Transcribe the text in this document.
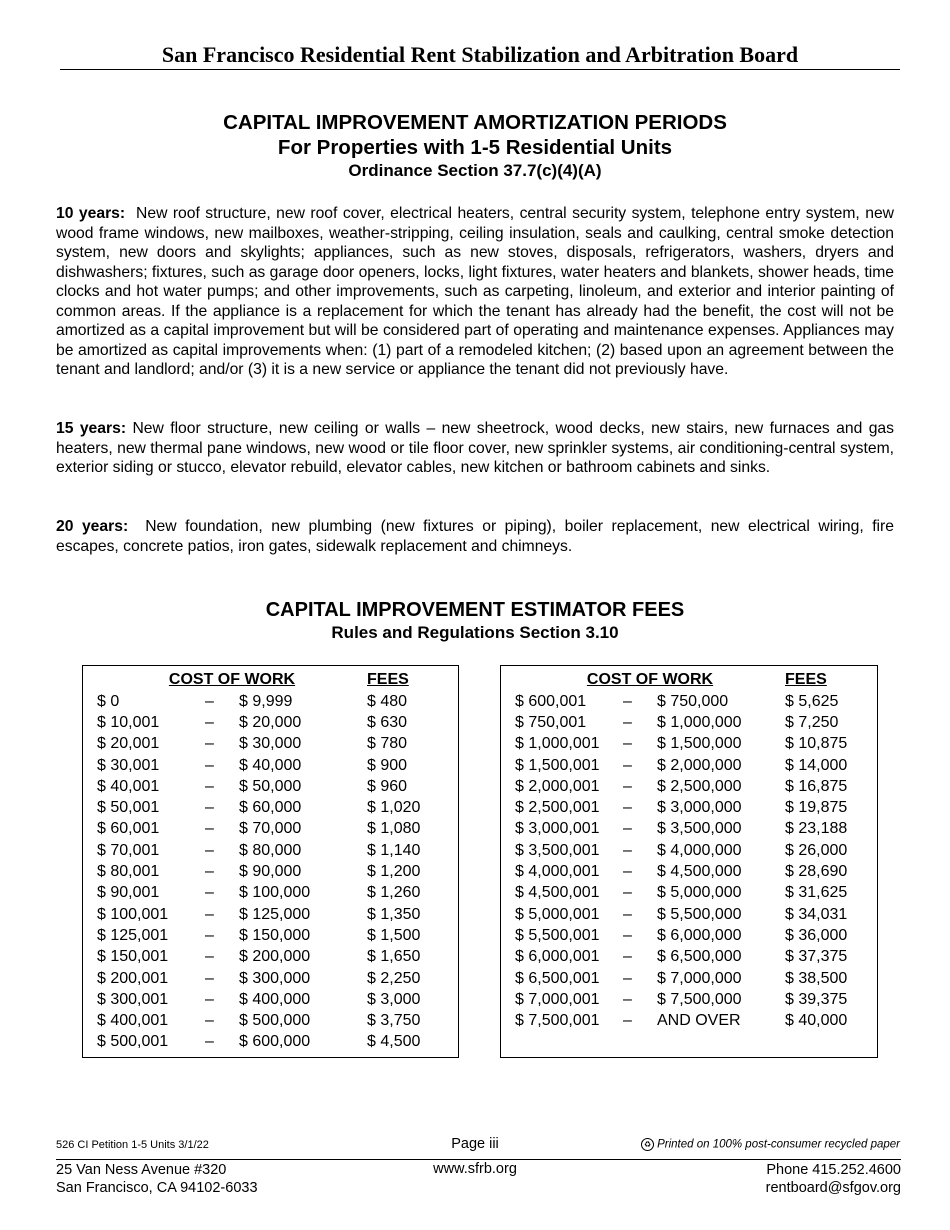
San Francisco Residential Rent Stabilization and Arbitration Board
CAPITAL IMPROVEMENT AMORTIZATION PERIODS
For Properties with 1-5 Residential Units
Ordinance Section 37.7(c)(4)(A)

10 years: New roof structure, new roof cover, electrical heaters, central security system, telephone entry system, new wood frame windows, new mailboxes, weather-stripping, ceiling insulation, seals and caulking, central smoke detection system, new doors and skylights; appliances, such as new stoves, disposals, refrigerators, washers, dryers and dishwashers; fixtures, such as garage door openers, locks, light fixtures, water heaters and blankets, shower heads, time clocks and hot water pumps; and other improvements, such as carpeting, linoleum, and exterior and interior painting of common areas. If the appliance is a replacement for which the tenant has already had the benefit, the cost will not be amortized as a capital improvement but will be considered part of operating and maintenance expenses. Appliances may be amortized as capital improvements when: (1) part of a remodeled kitchen; (2) based upon an agreement between the tenant and landlord; and/or (3) it is a new service or appliance the tenant did not previously have.

15 years: New floor structure, new ceiling or walls – new sheetrock, wood decks, new stairs, new furnaces and gas heaters, new thermal pane windows, new wood or tile floor cover, new sprinkler systems, air conditioning-central system, exterior siding or stucco, elevator rebuild, elevator cables, new kitchen or bathroom cabinets and sinks.

20 years: New foundation, new plumbing (new fixtures or piping), boiler replacement, new electrical wiring, fire escapes, concrete patios, iron gates, sidewalk replacement and chimneys.

CAPITAL IMPROVEMENT ESTIMATOR FEES
Rules and Regulations Section 3.10
COST OF WORK			FEES
$ 0	–	$ 9,999	$ 480
$ 10,001	–	$ 20,000	$ 630
$ 20,001	–	$ 30,000	$ 780
$ 30,001	–	$ 40,000	$ 900
$ 40,001	–	$ 50,000	$ 960
$ 50,001	–	$ 60,000	$ 1,020
$ 60,001	–	$ 70,000	$ 1,080
$ 70,001	–	$ 80,000	$ 1,140
$ 80,001	–	$ 90,000	$ 1,200
$ 90,001	–	$ 100,000	$ 1,260
$ 100,001	–	$ 125,000	$ 1,350
$ 125,001	–	$ 150,000	$ 1,500
$ 150,001	–	$ 200,000	$ 1,650
$ 200,001	–	$ 300,000	$ 2,250
$ 300,001	–	$ 400,000	$ 3,000
$ 400,001	–	$ 500,000	$ 3,750
$ 500,001	–	$ 600,000	$ 4,500
COST OF WORK			FEES
$ 600,001	–	$ 750,000	$ 5,625
$ 750,001	–	$ 1,000,000	$ 7,250
$ 1,000,001	–	$ 1,500,000	$ 10,875
$ 1,500,001	–	$ 2,000,000	$ 14,000
$ 2,000,001	–	$ 2,500,000	$ 16,875
$ 2,500,001	–	$ 3,000,000	$ 19,875
$ 3,000,001	–	$ 3,500,000	$ 23,188
$ 3,500,001	–	$ 4,000,000	$ 26,000
$ 4,000,001	–	$ 4,500,000	$ 28,690
$ 4,500,001	–	$ 5,000,000	$ 31,625
$ 5,000,001	–	$ 5,500,000	$ 34,031
$ 5,500,001	–	$ 6,000,000	$ 36,000
$ 6,000,001	–	$ 6,500,000	$ 37,375
$ 6,500,001	–	$ 7,000,000	$ 38,500
$ 7,000,001	–	$ 7,500,000	$ 39,375
$ 7,500,001	–	AND OVER	$ 40,000
526 CI Petition 1-5 Units 3/1/22	Page iii	♻ Printed on 100% post-consumer recycled paper
25 Van Ness Avenue #320
San Francisco, CA 94102-6033
www.sfrb.org	Phone 415.252.4600
rentboard@sfgov.org
